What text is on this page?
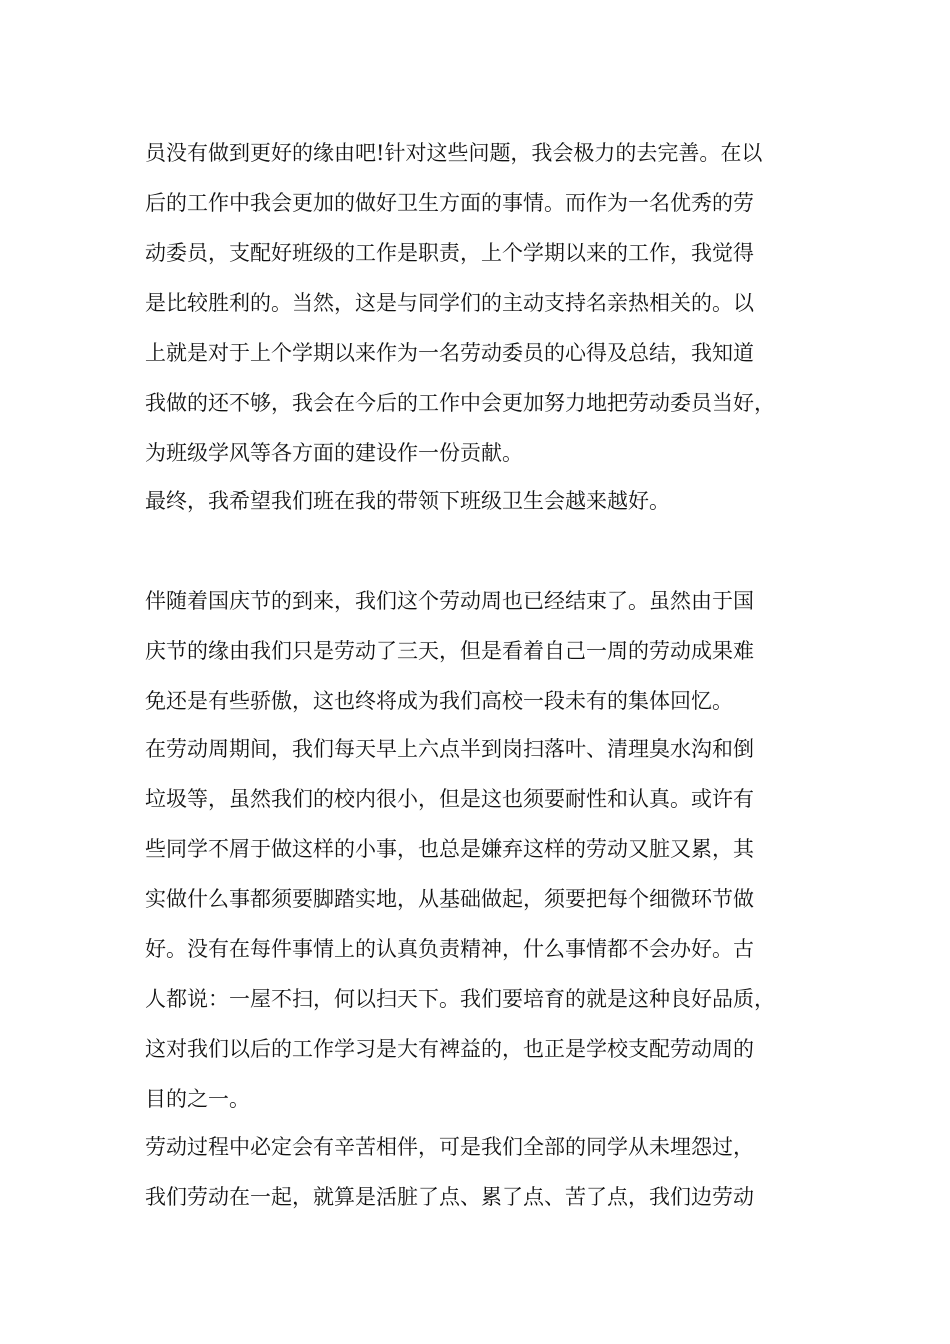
员没有做到更好的缘由吧!针对这些问题，我会极力的去完善。在以
后的工作中我会更加的做好卫生方面的事情。而作为一名优秀的劳
动委员，支配好班级的工作是职责，上个学期以来的工作，我觉得
是比较胜利的。当然，这是与同学们的主动支持名亲热相关的。以
上就是对于上个学期以来作为一名劳动委员的心得及总结，我知道
我做的还不够，我会在今后的工作中会更加努力地把劳动委员当好，
为班级学风等各方面的建设作一份贡献。
最终，我希望我们班在我的带领下班级卫生会越来越好。
伴随着国庆节的到来，我们这个劳动周也已经结束了。虽然由于国
庆节的缘由我们只是劳动了三天，但是看着自己一周的劳动成果难
免还是有些骄傲，这也终将成为我们高校一段未有的集体回忆。
在劳动周期间，我们每天早上六点半到岗扫落叶、清理臭水沟和倒
垃圾等，虽然我们的校内很小，但是这也须要耐性和认真。或许有
些同学不屑于做这样的小事，也总是嫌弃这样的劳动又脏又累，其
实做什么事都须要脚踏实地，从基础做起，须要把每个细微环节做
好。没有在每件事情上的认真负责精神，什么事情都不会办好。古
人都说：一屋不扫，何以扫天下。我们要培育的就是这种良好品质，
这对我们以后的工作学习是大有裨益的，也正是学校支配劳动周的
目的之一。
劳动过程中必定会有辛苦相伴，可是我们全部的同学从未埋怨过，
我们劳动在一起，就算是活脏了点、累了点、苦了点，我们边劳动
